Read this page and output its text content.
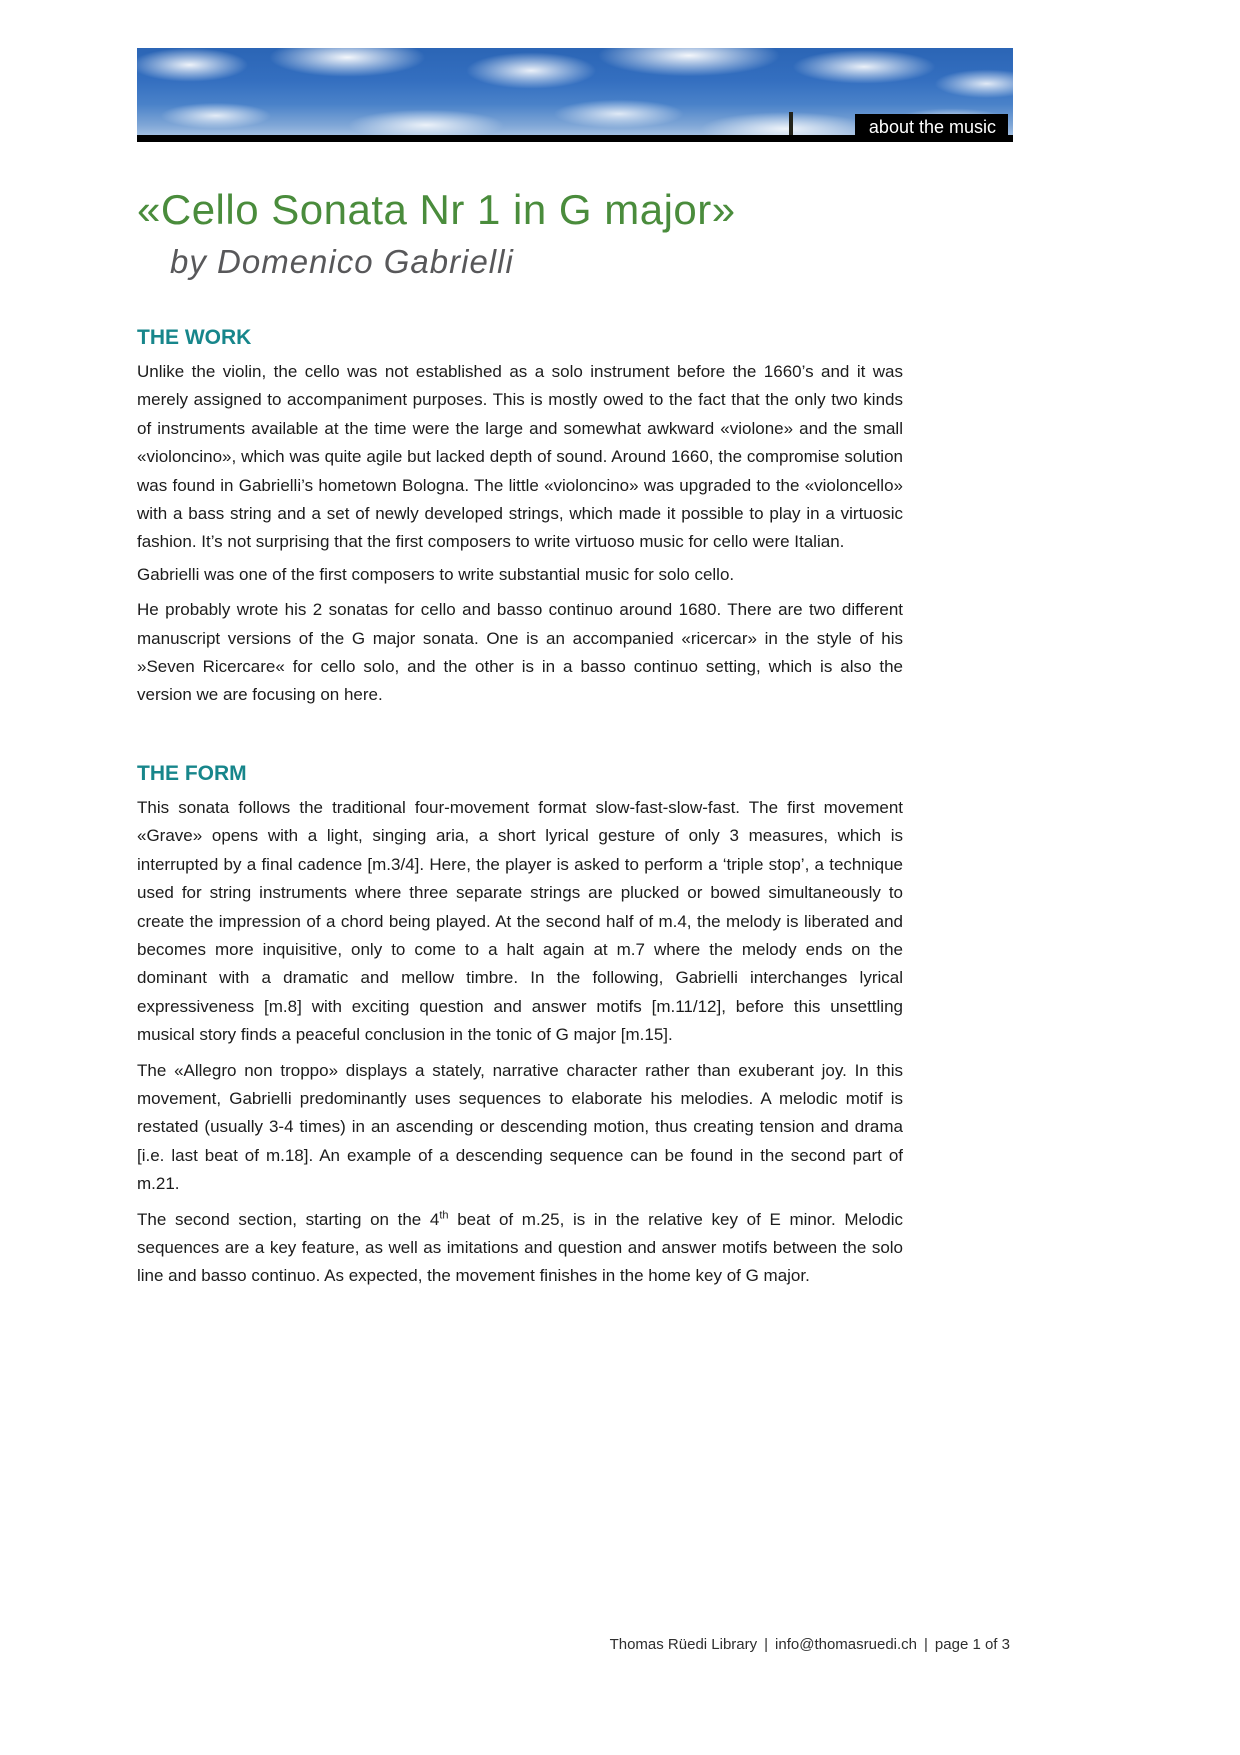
about the music
«Cello Sonata Nr 1 in G major»
by Domenico Gabrielli
THE WORK

Unlike the violin, the cello was not established as a solo instrument before the 1660’s and it was merely assigned to accompaniment purposes. This is mostly owed to the fact that the only two kinds of instruments available at the time were the large and somewhat awkward «violone» and the small «violoncino», which was quite agile but lacked depth of sound. Around 1660, the compromise solution was found in Gabrielli’s hometown Bologna. The little «violoncino» was upgraded to the «violoncello» with a bass string and a set of newly developed strings, which made it possible to play in a virtuosic fashion. It’s not surprising that the first composers to write virtuoso music for cello were Italian.

Gabrielli was one of the first composers to write substantial music for solo cello.

He probably wrote his 2 sonatas for cello and basso continuo around 1680. There are two different manuscript versions of the G major sonata. One is an accompanied «ricercar» in the style of his »Seven Ricercare« for cello solo, and the other is in a basso continuo setting, which is also the version we are focusing on here.

THE FORM

This sonata follows the traditional four-movement format slow-fast-slow-fast. The first movement «Grave» opens with a light, singing aria, a short lyrical gesture of only 3 measures, which is interrupted by a final cadence [m.3/4]. Here, the player is asked to perform a ‘triple stop’, a technique used for string instruments where three separate strings are plucked or bowed simultaneously to create the impression of a chord being played. At the second half of m.4, the melody is liberated and becomes more inquisitive, only to come to a halt again at m.7 where the melody ends on the dominant with a dramatic and mellow timbre. In the following, Gabrielli interchanges lyrical expressiveness [m.8] with exciting question and answer motifs [m.11/12], before this unsettling musical story finds a peaceful conclusion in the tonic of G major [m.15].

The «Allegro non troppo» displays a stately, narrative character rather than exuberant joy. In this movement, Gabrielli predominantly uses sequences to elaborate his melodies. A melodic motif is restated (usually 3-4 times) in an ascending or descending motion, thus creating tension and drama [i.e. last beat of m.18]. An example of a descending sequence can be found in the second part of m.21.

The second section, starting on the 4th beat of m.25, is in the relative key of E minor. Melodic sequences are a key feature, as well as imitations and question and answer motifs between the solo line and basso continuo. As expected, the movement finishes in the home key of G major.

Thomas Rüedi Library | info@thomasruedi.ch | page 1 of 3
